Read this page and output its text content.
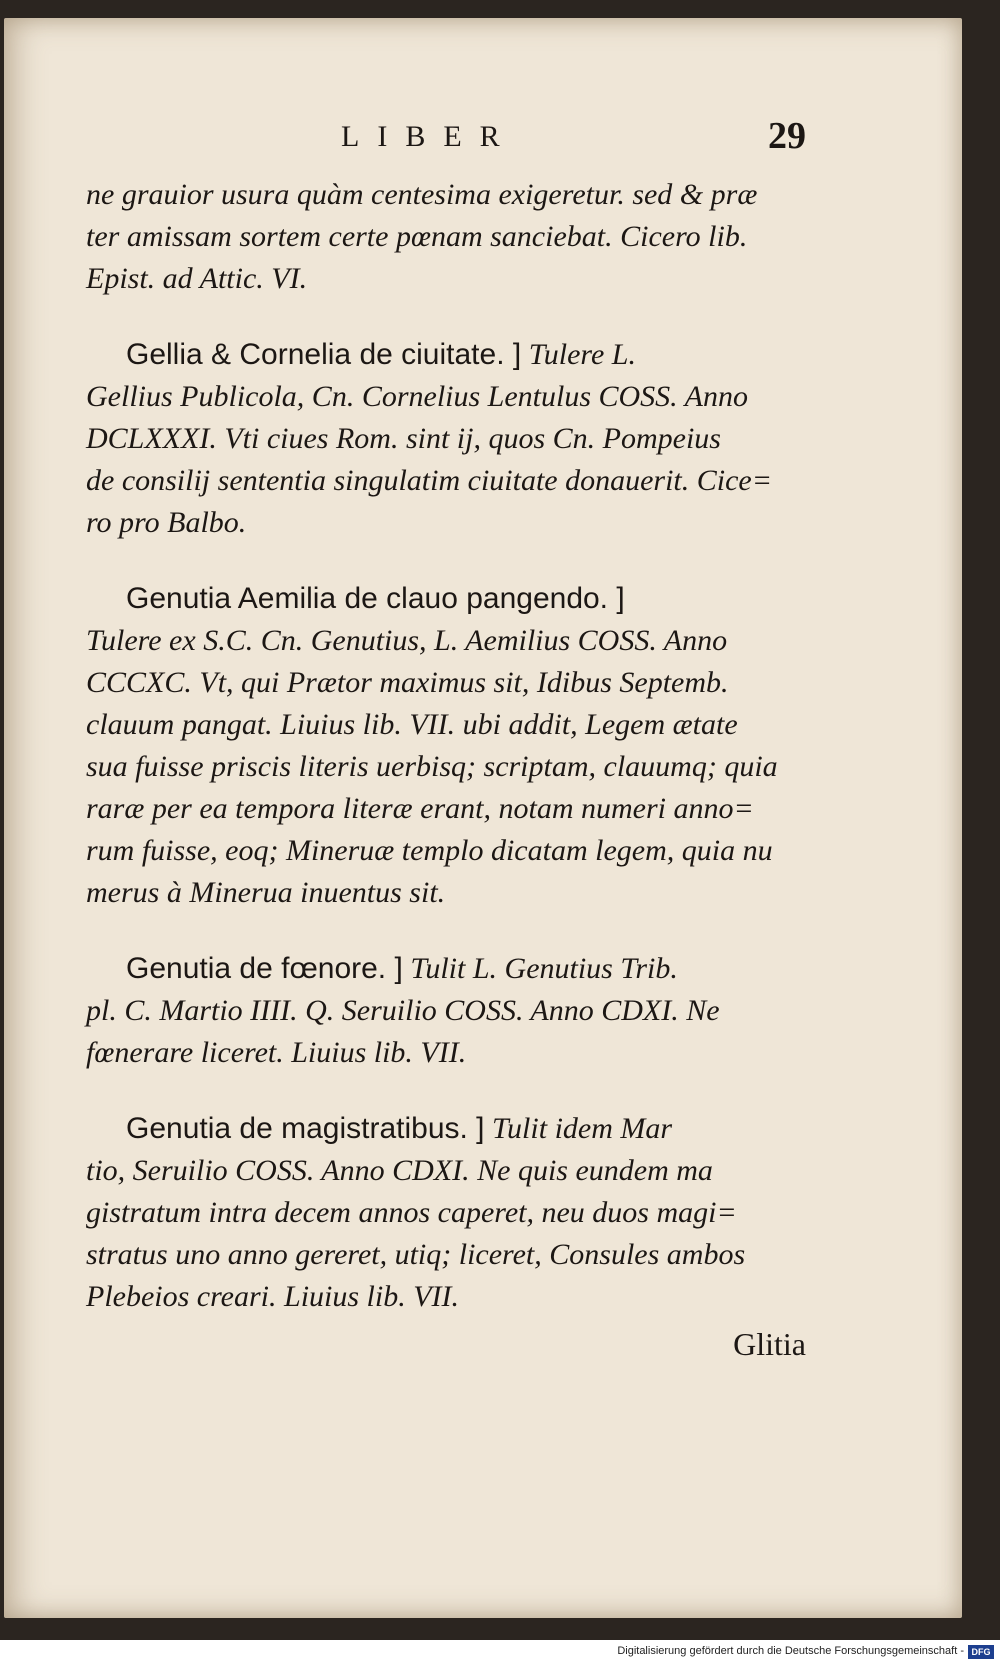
LIBER	29
ne grauior usura quàm centesima exigeretur. sed & præ
ter amissam sortem certe pœnam sanciebat. Cicero lib.
Epist. ad Attic. VI.
Gellia & Cornelia de ciuitate. ] Tulere L.
Gellius Publicola, Cn. Cornelius Lentulus COSS. Anno
DCLXXXI. Vti ciues Rom. sint ij, quos Cn. Pompeius
de consilij sententia singulatim ciuitate donauerit. Cice=
ro pro Balbo.
Genutia Aemilia de clauo pangendo. ]
Tulere ex S.C. Cn. Genutius, L. Aemilius COSS. Anno
CCCXC. Vt, qui Prætor maximus sit, Idibus Septemb.
clauum pangat. Liuius lib. VII. ubi addit, Legem ætate
sua fuisse priscis literis uerbisq; scriptam, clauumq; quia
raræ per ea tempora literæ erant, notam numeri anno=
rum fuisse, eoq; Mineruæ templo dicatam legem, quia nu
merus à Minerua inuentus sit.
Genutia de fœnore. ] Tulit L. Genutius Trib.
pl. C. Martio IIII. Q. Seruilio COSS. Anno CDXI. Ne
fœnerare liceret. Liuius lib. VII.
Genutia de magistratibus. ] Tulit idem Mar
tio, Seruilio COSS. Anno CDXI. Ne quis eundem ma
gistratum intra decem annos caperet, neu duos magi=
stratus uno anno gereret, utiq; liceret, Consules ambos
Plebeios creari. Liuius lib. VII.
Glitia
Digitalisierung gefördert durch die Deutsche Forschungsgemeinschaft - DFG
